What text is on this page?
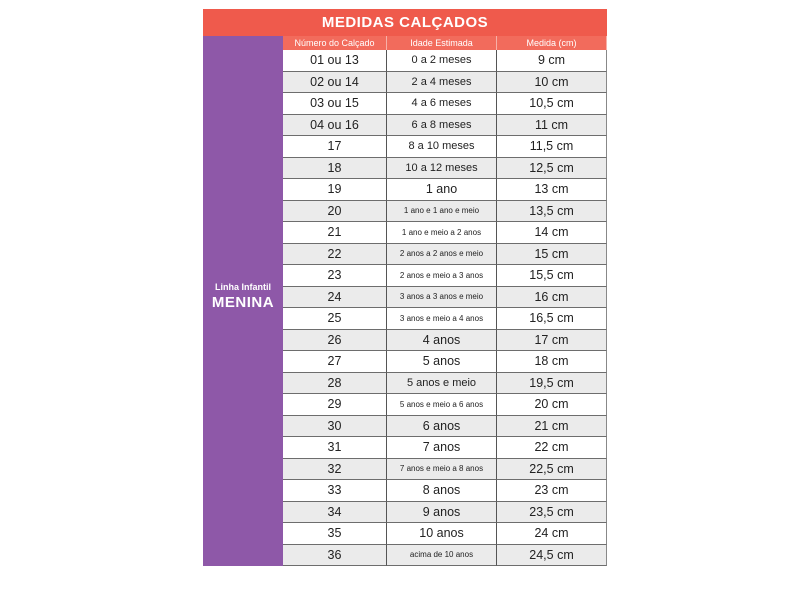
MEDIDAS CALÇADOS
Linha Infantil
MENINA
Número do Calçado	Idade Estimada	Medida (cm)
01 ou 13	0 a 2 meses	9 cm
02 ou 14	2 a 4 meses	10 cm
03 ou 15	4 a 6 meses	10,5 cm
04 ou 16	6 a 8 meses	11 cm
17	8 a 10 meses	11,5 cm
18	10 a 12 meses	12,5 cm
19	1 ano	13 cm
20	1 ano e 1 ano e meio	13,5 cm
21	1 ano e meio a 2 anos	14 cm
22	2 anos a 2 anos e meio	15 cm
23	2 anos e meio a 3 anos	15,5 cm
24	3 anos a 3 anos e meio	16 cm
25	3 anos e meio a 4 anos	16,5 cm
26	4 anos	17 cm
27	5 anos	18 cm
28	5 anos e meio	19,5 cm
29	5 anos e meio a 6 anos	20 cm
30	6 anos	21 cm
31	7 anos	22 cm
32	7 anos e meio a 8 anos	22,5 cm
33	8 anos	23 cm
34	9 anos	23,5 cm
35	10 anos	24 cm
36	acima de 10 anos	24,5 cm
